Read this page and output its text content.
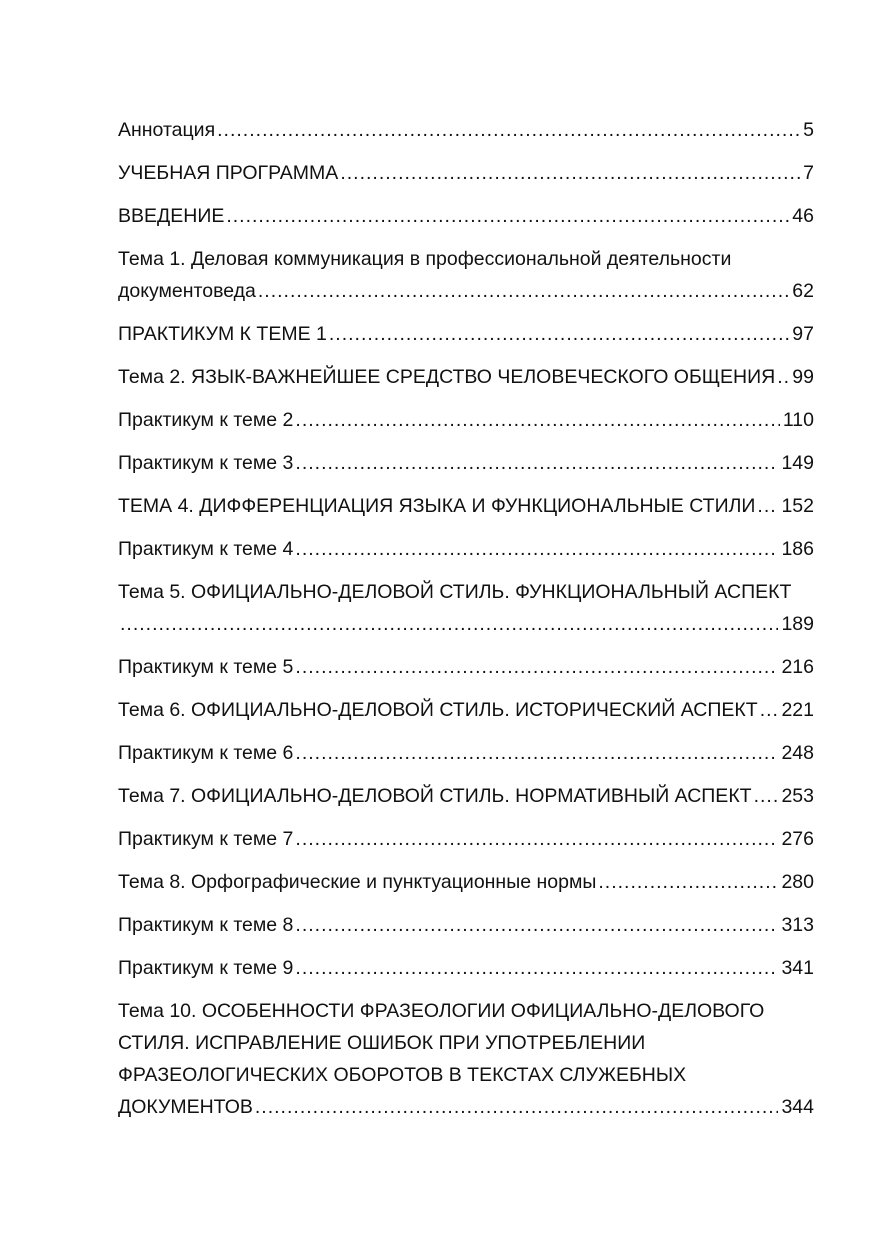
Аннотация .....	5
УЧЕБНАЯ ПРОГРАММА .....	7
ВВЕДЕНИЕ .....	46
Тема 1. Деловая коммуникация в профессиональной деятельности
документоведа .....	62
ПРАКТИКУМ К ТЕМЕ 1 .....	97
Тема 2. ЯЗЫК-ВАЖНЕЙШЕЕ СРЕДСТВО ЧЕЛОВЕЧЕСКОГО ОБЩЕНИЯ ..... 99
Практикум к теме 2 .....	110
Практикум к теме 3 .....	149
ТЕМА 4. ДИФФЕРЕНЦИАЦИЯ ЯЗЫКА И ФУНКЦИОНАЛЬНЫЕ СТИЛИ ..... 152
Практикум к теме 4 .....	186
Тема 5. ОФИЦИАЛЬНО-ДЕЛОВОЙ СТИЛЬ. ФУНКЦИОНАЛЬНЫЙ АСПЕКТ
.....
189
Практикум к теме 5 .....	216
Тема 6. ОФИЦИАЛЬНО-ДЕЛОВОЙ СТИЛЬ. ИСТОРИЧЕСКИЙ АСПЕКТ ..... 221
Практикум к теме 6 .....	248
Тема 7. ОФИЦИАЛЬНО-ДЕЛОВОЙ СТИЛЬ. НОРМАТИВНЫЙ АСПЕКТ ..... 253
Практикум к теме 7 .....	276
Тема 8. Орфографические и пунктуационные нормы .....	280
Практикум к теме 8 .....	313
Практикум к теме 9 .....	341
Тема 10. ОСОБЕННОСТИ ФРАЗЕОЛОГИИ ОФИЦИАЛЬНО-ДЕЛОВОГО
СТИЛЯ. ИСПРАВЛЕНИЕ ОШИБОК ПРИ УПОТРЕБЛЕНИИ
ФРАЗЕОЛОГИЧЕСКИХ ОБОРОТОВ В ТЕКСТАХ СЛУЖЕБНЫХ
ДОКУМЕНТОВ .....	344
